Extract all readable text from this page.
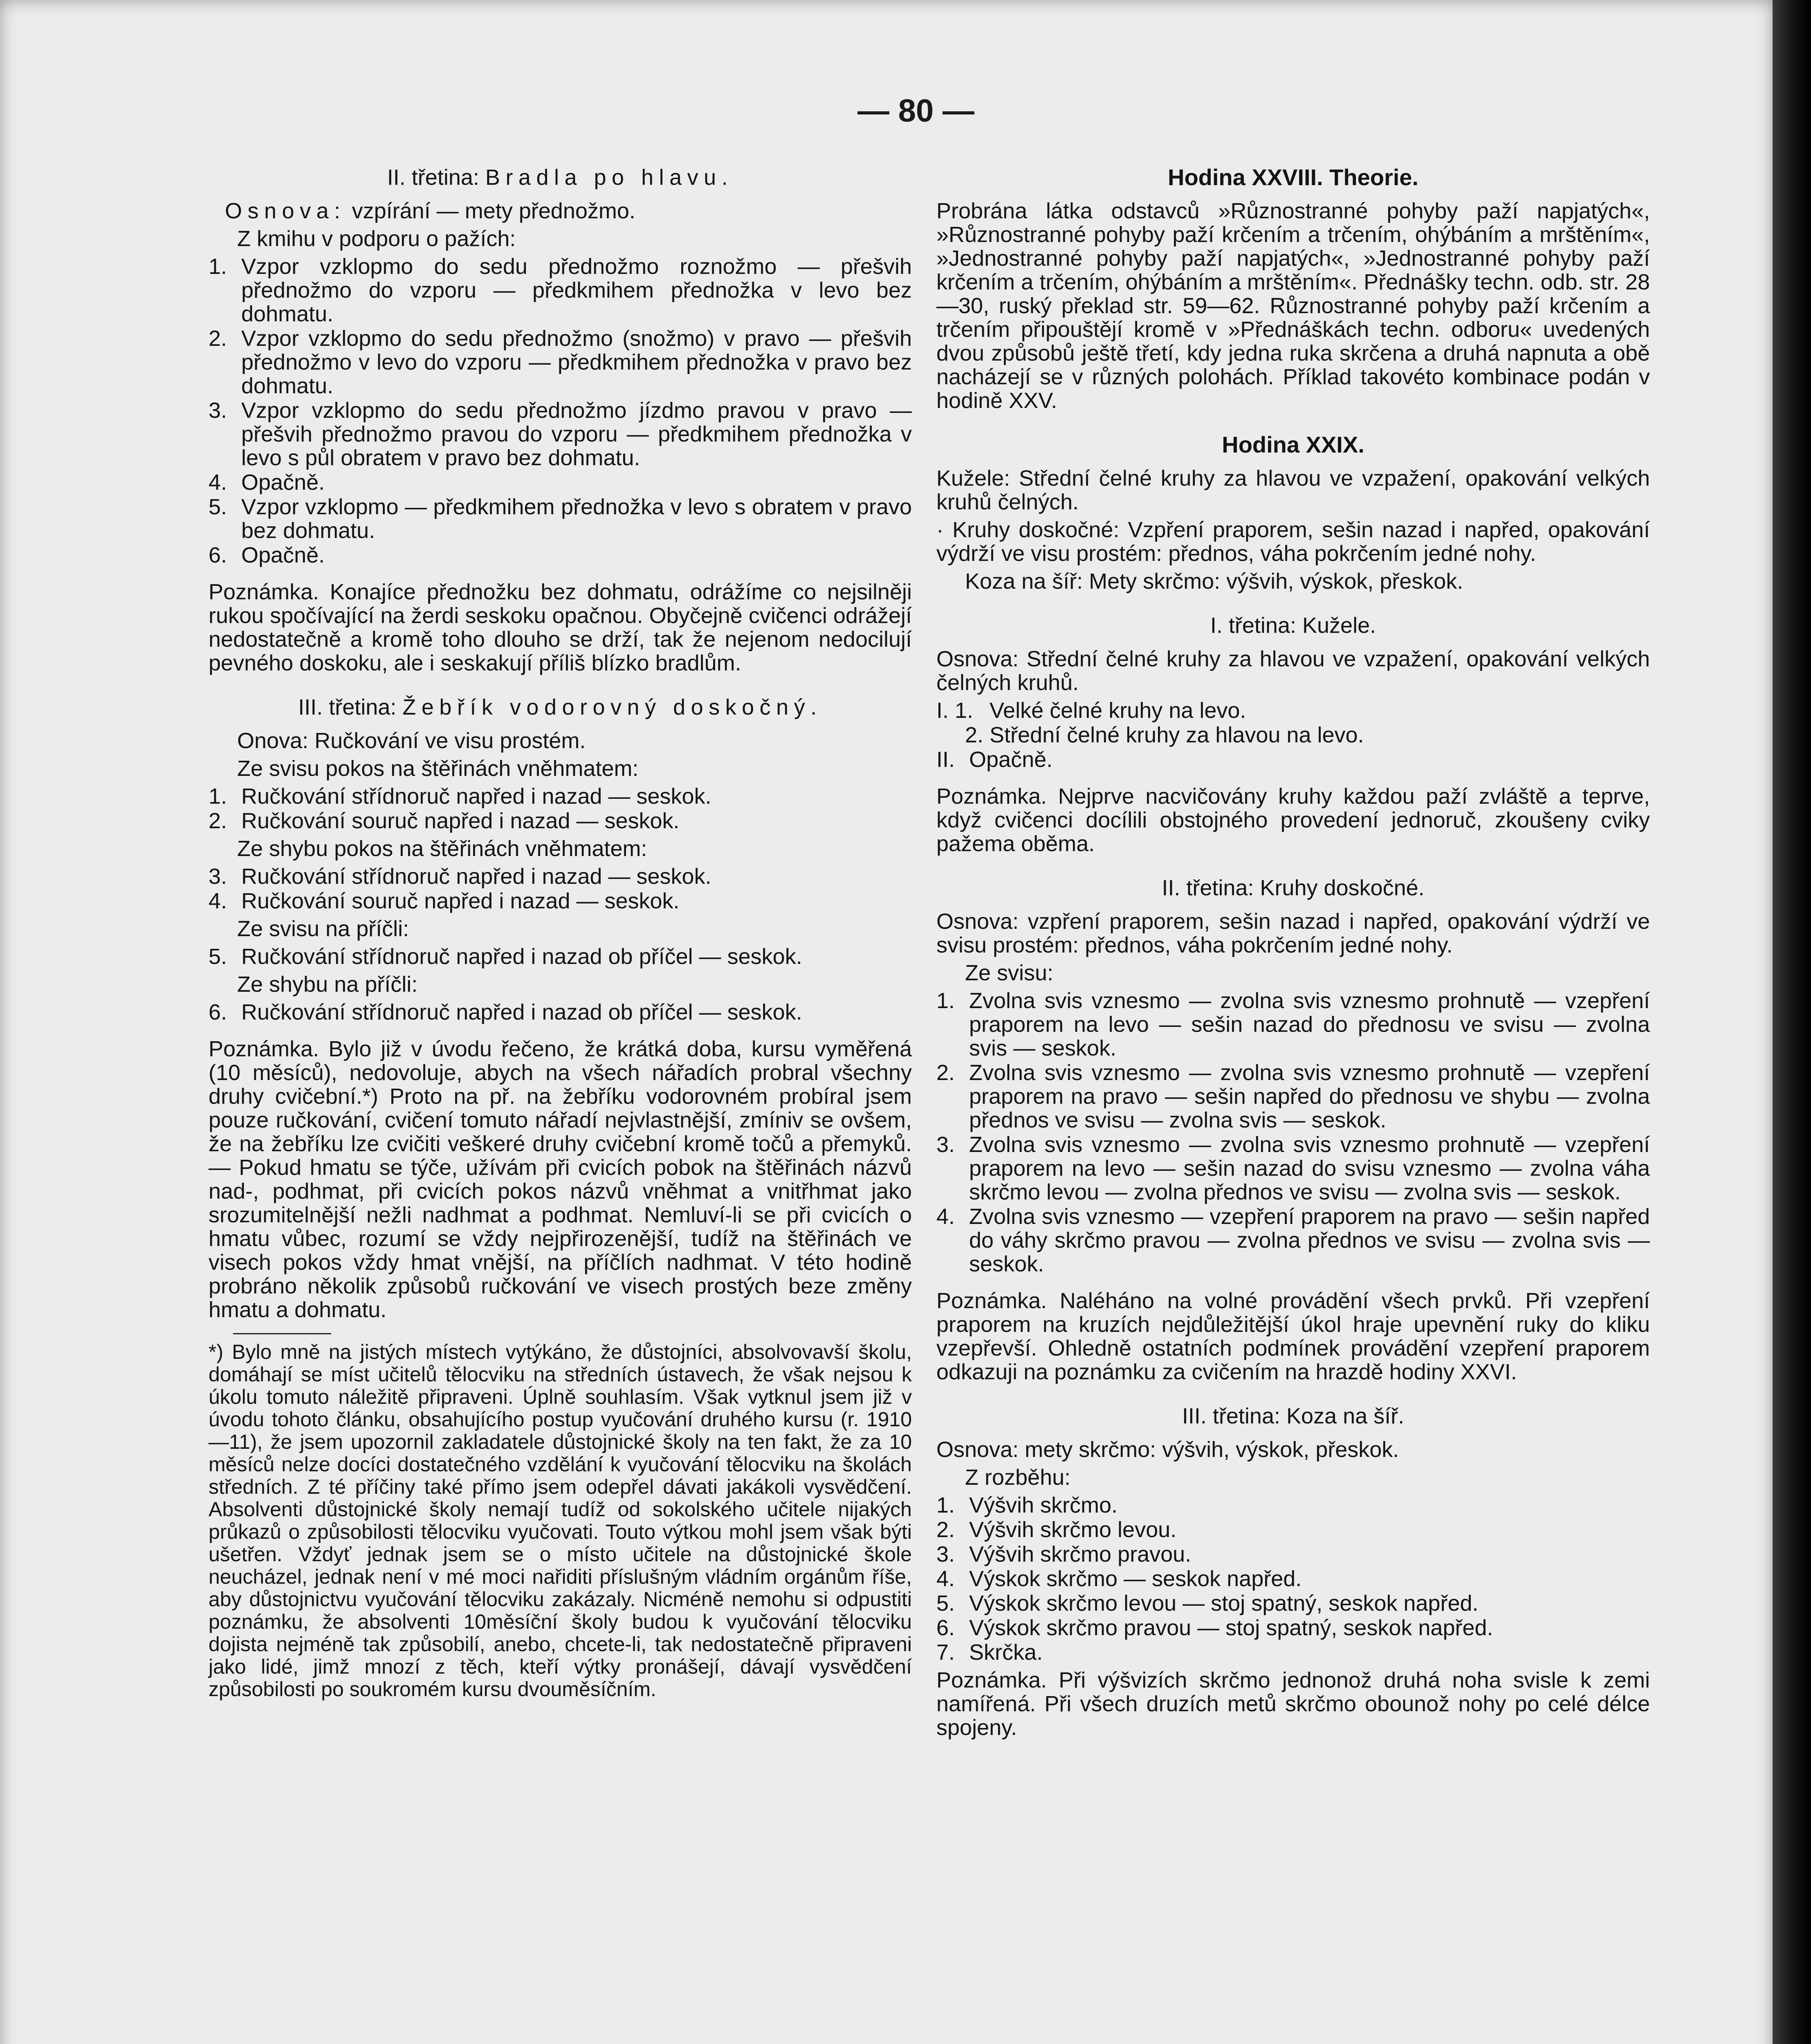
— 80 —
II. třetina: Bradla po hlavu.

Osnova: vzpírání — mety přednožmo.

Z kmihu v podporu o pažích:

1. Vzpor vzklopmo do sedu přednožmo roznožmo — přešvih přednožmo do vzporu — předkmihem přednožka v levo bez dohmatu.
2. Vzpor vzklopmo do sedu přednožmo (snožmo) v pravo — přešvih přednožmo v levo do vzporu — předkmihem přednožka v pravo bez dohmatu.
3. Vzpor vzklopmo do sedu přednožmo jízdmo pravou v pravo — přešvih přednožmo pravou do vzporu — předkmihem přednožka v levo s půl obratem v pravo bez dohmatu.
4. Opačně.
5. Vzpor vzklopmo — předkmihem přednožka v levo s obratem v pravo bez dohmatu.
6. Opačně.

Poznámka. Konajíce přednožku bez dohmatu, odrážíme co nejsilněji rukou spočívající na žerdi seskoku opačnou. Obyčejně cvičenci odrážejí nedostatečně a kromě toho dlouho se drží, tak že nejenom nedocilují pevného doskoku, ale i seskakují příliš blízko bradlům.

III. třetina: Žebřík vodorovný doskočný.

Onova: Ručkování ve visu prostém.

Ze svisu pokos na štěřinách vněhmatem:

1. Ručkování střídnoruč napřed i nazad — seskok.
2. Ručkování souruč napřed i nazad — seskok.

Ze shybu pokos na štěřinách vněhmatem:

3. Ručkování střídnoruč napřed i nazad — seskok.
4. Ručkování souruč napřed i nazad — seskok.

Ze svisu na příčli:

5. Ručkování střídnoruč napřed i nazad ob příčel — seskok.

Ze shybu na příčli:

6. Ručkování střídnoruč napřed i nazad ob příčel — seskok.

Poznámka. Bylo již v úvodu řečeno, že krátká doba, kursu vyměřená (10 měsíců), nedovoluje, abych na všech nářadích probral všechny druhy cvičební.*) Proto na př. na žebříku vodorovném probíral jsem pouze ručkování, cvičení tomuto nářadí nejvlastnější, zmíniv se ovšem, že na žebříku lze cvičiti veškeré druhy cvičební kromě točů a přemyků. — Pokud hmatu se týče, užívám při cvicích pobok na štěřinách názvů nad-, podhmat, při cvicích pokos názvů vněhmat a vnitřhmat jako srozumitelnější nežli nadhmat a podhmat. Nemluví-li se při cvicích o hmatu vůbec, rozumí se vždy nejpřirozenější, tudíž na štěřinách ve visech pokos vždy hmat vnější, na příčlích nadhmat. V této hodině probráno několik způsobů ručkování ve visech prostých beze změny hmatu a dohmatu.

*) Bylo mně na jistých místech vytýkáno, že důstojníci, absolvovavší školu, domáhají se míst učitelů tělocviku na středních ústavech, že však nejsou k úkolu tomuto náležitě připraveni. Úplně souhlasím. Však vytknul jsem již v úvodu tohoto článku, obsahujícího postup vyučování druhého kursu (r. 1910—11), že jsem upozornil zakladatele důstojnické školy na ten fakt, že za 10 měsíců nelze docíci dostatečného vzdělání k vyučování tělocviku na školách středních. Z té příčiny také přímo jsem odepřel dávati jakákoli vysvědčení. Absolventi důstojnické školy nemají tudíž od sokolského učitele nijakých průkazů o způsobilosti tělocviku vyučovati. Touto výtkou mohl jsem však býti ušetřen. Vždyť jednak jsem se o místo učitele na důstojnické škole neucházel, jednak není v mé moci nařiditi příslušným vládním orgánům říše, aby důstojnictvu vyučování tělocviku zakázaly. Nicméně nemohu si odpustiti poznámku, že absolventi 10měsíční školy budou k vyučování tělocviku dojista nejméně tak způsobilí, anebo, chcete-li, tak nedostatečně připraveni jako lidé, jimž mnozí z těch, kteří výtky pronášejí, dávají vysvědčení způsobilosti po soukromém kursu dvouměsíčním.

Hodina XXVIII. Theorie.

Probrána látka odstavců »Různostranné pohyby paží napjatých«, »Různostranné pohyby paží krčením a trčením, ohýbáním a mrštěním«, »Jednostranné pohyby paží napjatých«, »Jednostranné pohyby paží krčením a trčením, ohýbáním a mrštěním«. Přednášky techn. odb. str. 28—30, ruský překlad str. 59—62. Různostranné pohyby paží krčením a trčením připouštějí kromě v »Přednáškách techn. odboru« uvedených dvou způsobů ještě třetí, kdy jedna ruka skrčena a druhá napnuta a obě nacházejí se v různých polohách. Příklad takovéto kombinace podán v hodině XXV.

Hodina XXIX.

Kužele: Střední čelné kruhy za hlavou ve vzpažení, opakování velkých kruhů čelných.

· Kruhy doskočné: Vzpření praporem, sešin nazad i napřed, opakování výdrží ve visu prostém: přednos, váha pokrčením jedné nohy.

Koza na šíř: Mety skrčmo: výšvih, výskok, přeskok.

I. třetina: Kužele.

Osnova: Střední čelné kruhy za hlavou ve vzpažení, opakování velkých čelných kruhů.

I. 1. Velké čelné kruhy na levo.
2. Střední čelné kruhy za hlavou na levo.
II. Opačně.

Poznámka. Nejprve nacvičovány kruhy každou paží zvláště a teprve, když cvičenci docílili obstojného provedení jednoruč, zkoušeny cviky pažema oběma.

II. třetina: Kruhy doskočné.

Osnova: vzpření praporem, sešin nazad i napřed, opakování výdrží ve svisu prostém: přednos, váha pokrčením jedné nohy.

Ze svisu:

1. Zvolna svis vznesmo — zvolna svis vznesmo prohnutě — vzepření praporem na levo — sešin nazad do přednosu ve svisu — zvolna svis — seskok.
2. Zvolna svis vznesmo — zvolna svis vznesmo prohnutě — vzepření praporem na pravo — sešin napřed do přednosu ve shybu — zvolna přednos ve svisu — zvolna svis — seskok.
3. Zvolna svis vznesmo — zvolna svis vznesmo prohnutě — vzepření praporem na levo — sešin nazad do svisu vznesmo — zvolna váha skrčmo levou — zvolna přednos ve svisu — zvolna svis — seskok.
4. Zvolna svis vznesmo — vzepření praporem na pravo — sešin napřed do váhy skrčmo pravou — zvolna přednos ve svisu — zvolna svis — seskok.

Poznámka. Naléháno na volné provádění všech prvků. Při vzepření praporem na kruzích nejdůležitější úkol hraje upevnění ruky do kliku vzepřevší. Ohledně ostatních podmínek provádění vzepření praporem odkazuji na poznámku za cvičením na hrazdě hodiny XXVI.

III. třetina: Koza na šíř.

Osnova: mety skrčmo: výšvih, výskok, přeskok.

Z rozběhu:

1. Výšvih skrčmo.
2. Výšvih skrčmo levou.
3. Výšvih skrčmo pravou.
4. Výskok skrčmo — seskok napřed.
5. Výskok skrčmo levou — stoj spatný, seskok napřed.
6. Výskok skrčmo pravou — stoj spatný, seskok napřed.
7. Skrčka.

Poznámka. Při výšvizích skrčmo jednonož druhá noha svisle k zemi namířená. Při všech druzích metů skrčmo obounož nohy po celé délce spojeny.
